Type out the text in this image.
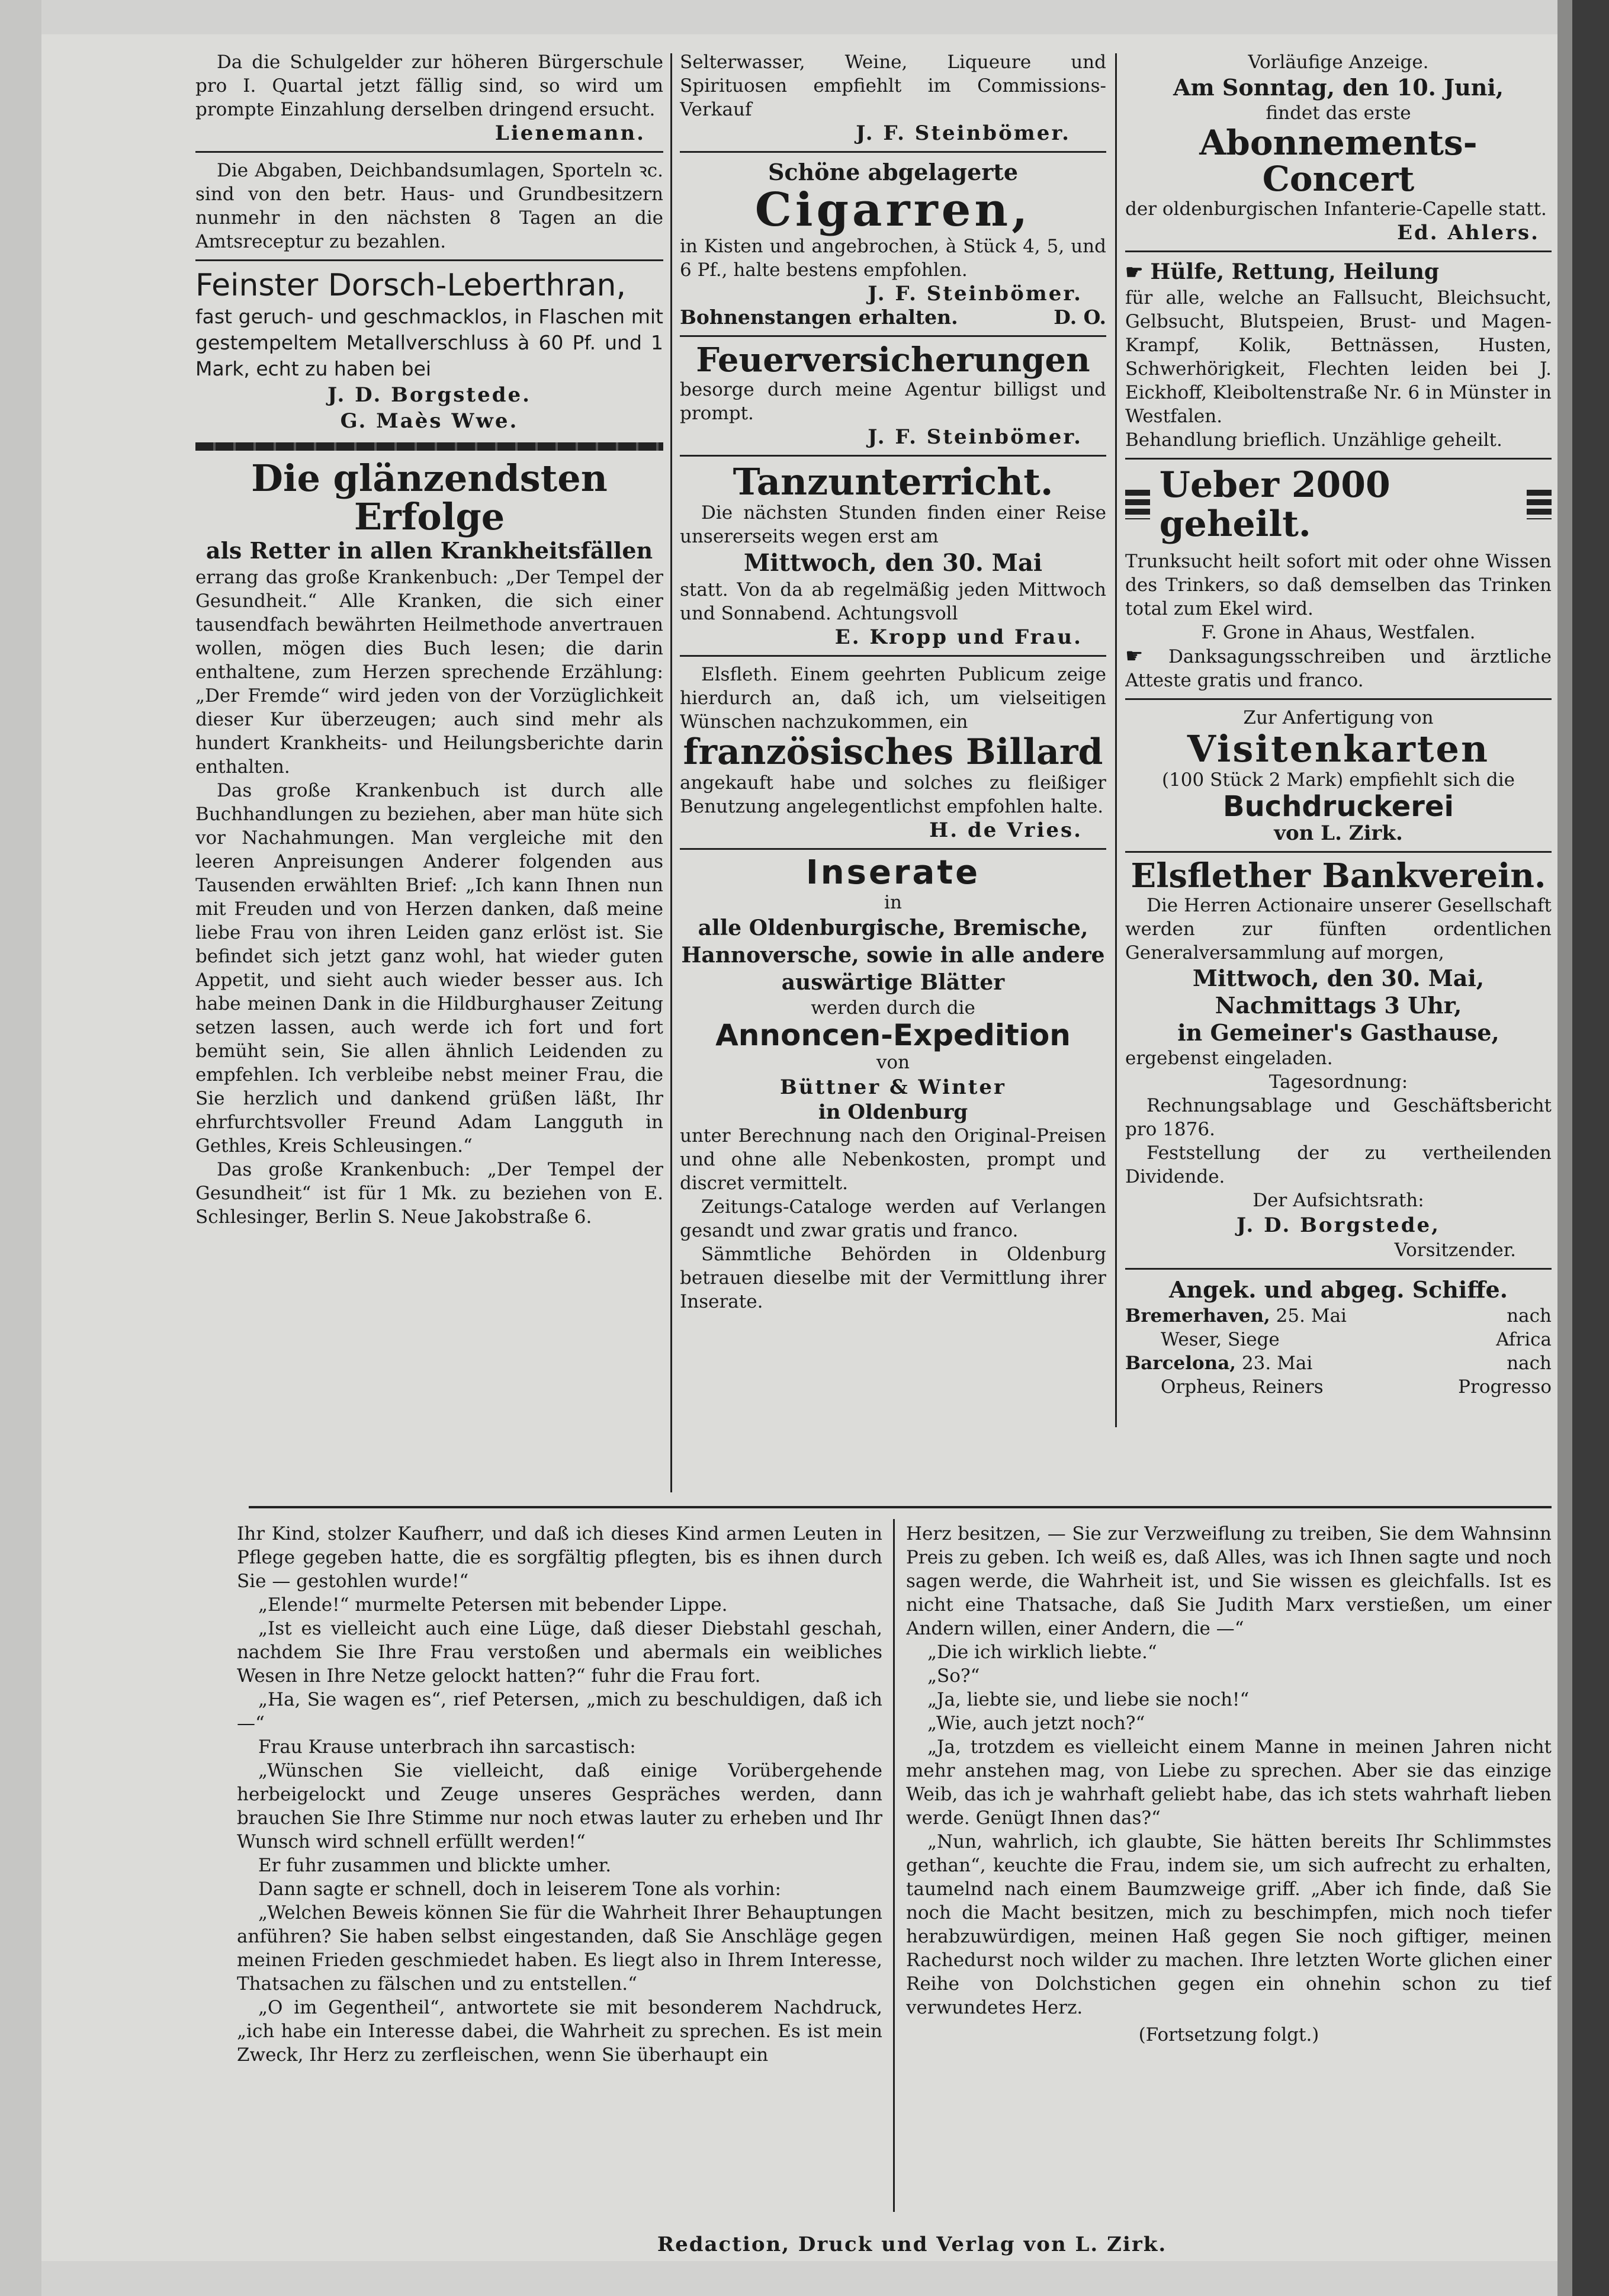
Da die Schulgelder zur höheren Bürgerschule pro I. Quartal jetzt fällig sind, so wird um prompte Einzahlung derselben dringend ersucht.

Lienemann.

Die Abgaben, Deichbandsumlagen, Sporteln ꝛc. sind von den betr. Haus- und Grundbesitzern nunmehr in den nächsten 8 Tagen an die Amtsreceptur zu bezahlen.

Feinster Dorsch-Leberthran,

fast geruch- und geschmacklos, in Flaschen mit gestempeltem Metallverschluss à 60 Pf. und 1 Mark, echt zu haben bei

J. D. Borgstede.

G. Maès Wwe.

Die glänzendsten Erfolge

als Retter in allen Krankheitsfällen

errang das große Krankenbuch: „Der Tempel der Gesundheit.“ Alle Kranken, die sich einer tausendfach bewährten Heilmethode anvertrauen wollen, mögen dies Buch lesen; die darin enthaltene, zum Herzen sprechende Erzählung: „Der Fremde“ wird jeden von der Vorzüglichkeit dieser Kur überzeugen; auch sind mehr als hundert Krankheits- und Heilungsberichte darin enthalten.

Das große Krankenbuch ist durch alle Buchhandlungen zu beziehen, aber man hüte sich vor Nachahmungen. Man vergleiche mit den leeren Anpreisungen Anderer folgenden aus Tausenden erwählten Brief: „Ich kann Ihnen nun mit Freuden und von Herzen danken, daß meine liebe Frau von ihren Leiden ganz erlöst ist. Sie befindet sich jetzt ganz wohl, hat wieder guten Appetit, und sieht auch wieder besser aus. Ich habe meinen Dank in die Hildburghauser Zeitung setzen lassen, auch werde ich fort und fort bemüht sein, Sie allen ähnlich Leidenden zu empfehlen. Ich verbleibe nebst meiner Frau, die Sie herzlich und dankend grüßen läßt, Ihr ehrfurchtsvoller Freund Adam Langguth in Gethles, Kreis Schleusingen.“

Das große Krankenbuch: „Der Tempel der Gesundheit“ ist für 1 Mk. zu beziehen von E. Schlesinger, Berlin S. Neue Jakobstraße 6.

Selterwasser, Weine, Liqueure und Spirituosen empfiehlt im Commissions-Verkauf

J. F. Steinbömer.

Schöne abgelagerte

Cigarren,

in Kisten und angebrochen, à Stück 4, 5, und 6 Pf., halte bestens empfohlen.

J. F. Steinbömer.

Bohnenstangen erhalten.	D. O.

Feuerversicherungen

besorge durch meine Agentur billigst und prompt.

J. F. Steinbömer.

Tanzunterricht.

Die nächsten Stunden finden einer Reise unsererseits wegen erst am

Mittwoch, den 30. Mai

statt. Von da ab regelmäßig jeden Mittwoch und Sonnabend. Achtungsvoll

E. Kropp und Frau.

Elsfleth. Einem geehrten Publicum zeige hierdurch an, daß ich, um vielseitigen Wünschen nachzukommen, ein

französisches Billard

angekauft habe und solches zu fleißiger Benutzung angelegentlichst empfohlen halte.

H. de Vries.

Inserate

in

alle Oldenburgische, Bremische, Hannoversche, sowie in alle andere auswärtige Blätter

werden durch die

Annoncen-Expedition

von

Büttner & Winter

in Oldenburg

unter Berechnung nach den Original-Preisen und ohne alle Nebenkosten, prompt und discret vermittelt.

Zeitungs-Cataloge werden auf Verlangen gesandt und zwar gratis und franco.

Sämmtliche Behörden in Oldenburg betrauen dieselbe mit der Vermittlung ihrer Inserate.

Vorläufige Anzeige.

Am Sonntag, den 10. Juni,

findet das erste

Abonnements-Concert

der oldenburgischen Infanterie-Capelle statt.

Ed. Ahlers.

☛ Hülfe, Rettung, Heilung

für alle, welche an Fallsucht, Bleichsucht, Gelbsucht, Blutspeien, Brust- und Magen-Krampf, Kolik, Bettnässen, Husten, Schwerhörigkeit, Flechten leiden bei J. Eickhoff, Kleiboltenstraße Nr. 6 in Münster in Westfalen.

Behandlung brieflich. Unzählige geheilt.

Ueber 2000 geheilt.

Trunksucht heilt sofort mit oder ohne Wissen des Trinkers, so daß demselben das Trinken total zum Ekel wird.

F. Grone in Ahaus, Westfalen.

☛ Danksagungsschreiben und ärztliche Atteste gratis und franco.

Zur Anfertigung von

Visitenkarten

(100 Stück 2 Mark) empfiehlt sich die

Buchdruckerei

von L. Zirk.

Elsflether Bankverein.

Die Herren Actionaire unserer Gesellschaft werden zur fünften ordentlichen Generalversammlung auf morgen,

Mittwoch, den 30. Mai,

Nachmittags 3 Uhr,

in Gemeiner's Gasthause,

ergebenst eingeladen.

Tagesordnung:

Rechnungsablage und Geschäftsbericht pro 1876.

Feststellung der zu vertheilenden Dividende.

Der Aufsichtsrath:

J. D. Borgstede,

Vorsitzender.

Angek. und abgeg. Schiffe.

Bremerhaven, 25. Mai	nach

Weser, Siege	Africa

Barcelona, 23. Mai	nach

Orpheus, Reiners	Progresso

Ihr Kind, stolzer Kaufherr, und daß ich dieses Kind armen Leuten in Pflege gegeben hatte, die es sorgfältig pflegten, bis es ihnen durch Sie — gestohlen wurde!“

„Elende!“ murmelte Petersen mit bebender Lippe.

„Ist es vielleicht auch eine Lüge, daß dieser Diebstahl geschah, nachdem Sie Ihre Frau verstoßen und abermals ein weibliches Wesen in Ihre Netze gelockt hatten?“ fuhr die Frau fort.

„Ha, Sie wagen es“, rief Petersen, „mich zu beschuldigen, daß ich —“

Frau Krause unterbrach ihn sarcastisch:

„Wünschen Sie vielleicht, daß einige Vorübergehende herbeigelockt und Zeuge unseres Gespräches werden, dann brauchen Sie Ihre Stimme nur noch etwas lauter zu erheben und Ihr Wunsch wird schnell erfüllt werden!“

Er fuhr zusammen und blickte umher.

Dann sagte er schnell, doch in leiserem Tone als vorhin:

„Welchen Beweis können Sie für die Wahrheit Ihrer Behauptungen anführen? Sie haben selbst eingestanden, daß Sie Anschläge gegen meinen Frieden geschmiedet haben. Es liegt also in Ihrem Interesse, Thatsachen zu fälschen und zu entstellen.“

„O im Gegentheil“, antwortete sie mit besonderem Nachdruck, „ich habe ein Interesse dabei, die Wahrheit zu sprechen. Es ist mein Zweck, Ihr Herz zu zerfleischen, wenn Sie überhaupt ein

Herz besitzen, — Sie zur Verzweiflung zu treiben, Sie dem Wahnsinn Preis zu geben. Ich weiß es, daß Alles, was ich Ihnen sagte und noch sagen werde, die Wahrheit ist, und Sie wissen es gleichfalls. Ist es nicht eine Thatsache, daß Sie Judith Marx verstießen, um einer Andern willen, einer Andern, die —“

„Die ich wirklich liebte.“

„So?“

„Ja, liebte sie, und liebe sie noch!“

„Wie, auch jetzt noch?“

„Ja, trotzdem es vielleicht einem Manne in meinen Jahren nicht mehr anstehen mag, von Liebe zu sprechen. Aber sie das einzige Weib, das ich je wahrhaft geliebt habe, das ich stets wahrhaft lieben werde. Genügt Ihnen das?“

„Nun, wahrlich, ich glaubte, Sie hätten bereits Ihr Schlimmstes gethan“, keuchte die Frau, indem sie, um sich aufrecht zu erhalten, taumelnd nach einem Baumzweige griff. „Aber ich finde, daß Sie noch die Macht besitzen, mich zu beschimpfen, mich noch tiefer herabzuwürdigen, meinen Haß gegen Sie noch giftiger, meinen Rachedurst noch wilder zu machen. Ihre letzten Worte glichen einer Reihe von Dolchstichen gegen ein ohnehin schon zu tief verwundetes Herz.

(Fortsetzung folgt.)

Redaction, Druck und Verlag von L. Zirk.
